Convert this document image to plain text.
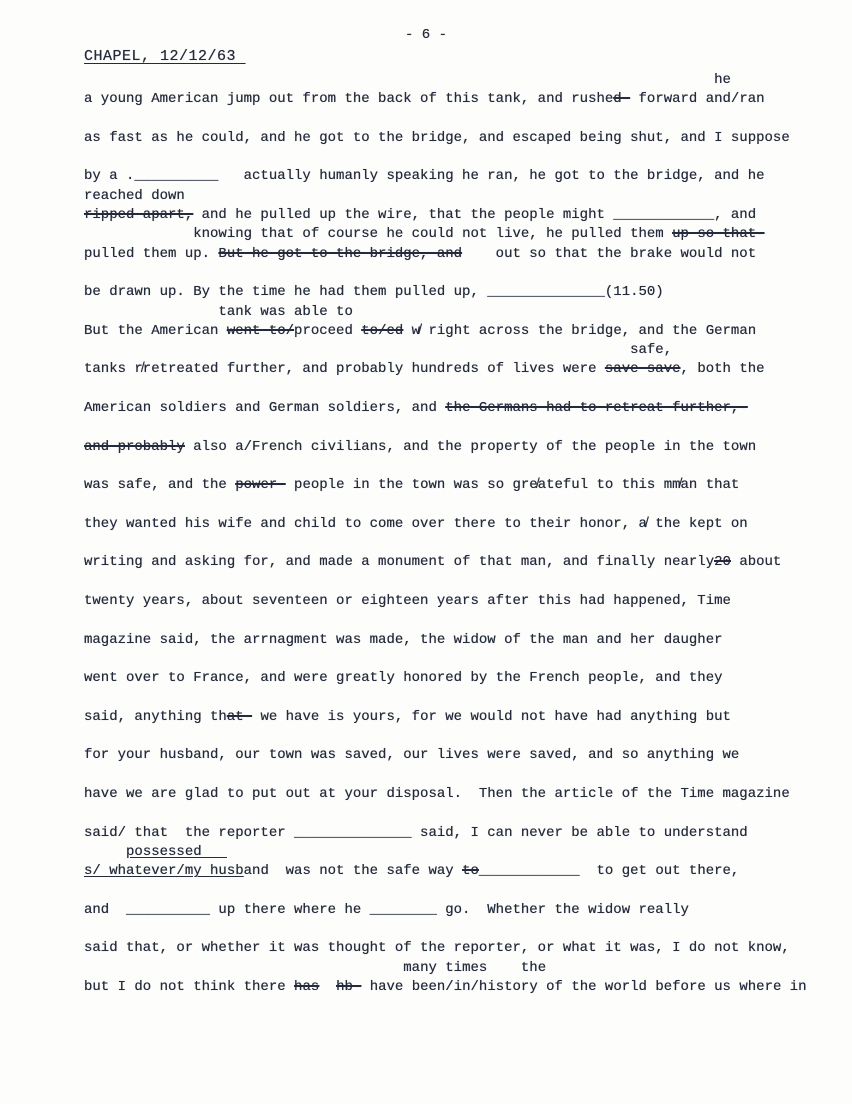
- 6 -
CHAPEL, 12/12/63
he
a young American jump out from the back of this tank, and rushed- forward and/ran
as fast as he could, and he got to the bridge, and escaped being shut, and I suppose
by a .__________   actually humanly speaking he ran, he got to the bridge, and he
reached down
ripped apart, and he pulled up the wire, that the people might ____________, and
knowing that of course he could not live, he pulled them up so that-
pulled them up. But he got to the bridge, and    out so that the brake would not
be drawn up. By the time he had them pulled up, ______________(11.50)
tank was able to
But the American went to/proceed to/ed w̸ right across the bridge, and the German
safe,
tanks r̸retreated further, and probably hundreds of lives were save save, both the
American soldiers and German soldiers, and the Germans had to retreat further,-
and probably also a/French civilians, and the property of the people in the town
was safe, and the power- people in the town was so gre̸ateful to this mm̸an that
they wanted his wife and child to come over there to their honor, a̸ the kept on
writing and asking for, and made a monument of that man, and finally nearly20 about
twenty years, about seventeen or eighteen years after this had happened, Time
magazine said, the arrnagment was made, the widow of the man and her daugher
went over to France, and were greatly honored by the French people, and they
said, anything that- we have is yours, for we would not have had anything but
for your husband, our town was saved, our lives were saved, and so anything we
have we are glad to put out at your disposal.  Then the article of the Time magazine
said/ that  the reporter ______________ said, I can never be able to understand
possessed
s/ whatever/my husband  was not the safe way to____________  to get out there,
and  __________ up there where he ________ go.  Whether the widow really
said that, or whether it was thought of the reporter, or what it was, I do not know,
many times    the
but I do not think there has hb- have been/in/history of the world before us where in
